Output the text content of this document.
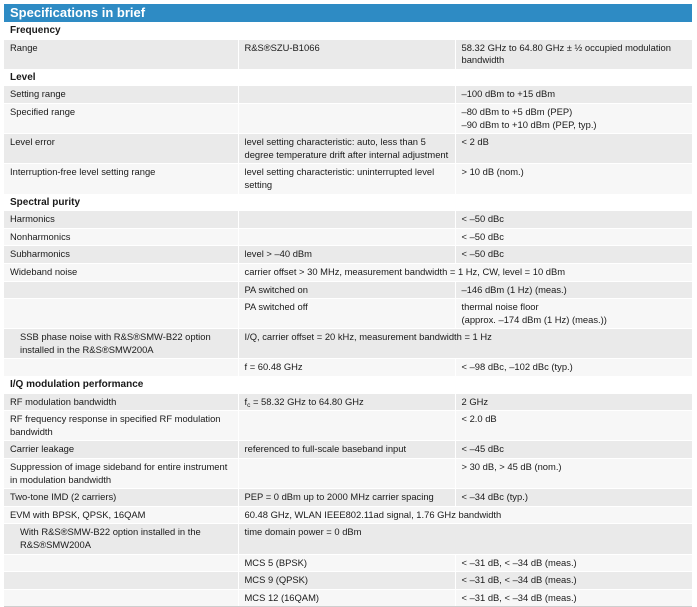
Specifications in brief
Frequency		
Range	R&S®SZU-B1066	58.32 GHz to 64.80 GHz ± ½ occupied modulation bandwidth
Level		
Setting range		–100 dBm to +15 dBm
Specified range		–80 dBm to +5 dBm (PEP)
–90 dBm to +10 dBm (PEP, typ.)
Level error	level setting characteristic: auto, less than 5 degree temperature drift after internal adjustment	< 2 dB
Interruption-free level setting range	level setting characteristic: uninterrupted level setting	> 10 dB (nom.)
Spectral purity		
Harmonics		< –50 dBc
Nonharmonics		< –50 dBc
Subharmonics	level > –40 dBm	< –50 dBc
Wideband noise	carrier offset > 30 MHz, measurement bandwidth = 1 Hz, CW, level = 10 dBm	
	PA switched on	–146 dBm (1 Hz) (meas.)
	PA switched off	thermal noise floor
(approx. –174 dBm (1 Hz) (meas.))
SSB phase noise with R&S®SMW-B22 option installed in the R&S®SMW200A	I/Q, carrier offset = 20 kHz, measurement bandwidth = 1 Hz	
	f = 60.48 GHz	< –98 dBc, –102 dBc (typ.)
I/Q modulation performance		
RF modulation bandwidth	$f_c = 58.32$ GHz to 64.80 GHz	2 GHz
RF frequency response in specified RF modulation bandwidth		< 2.0 dB
Carrier leakage	referenced to full-scale baseband input	< –45 dBc
Suppression of image sideband for entire instrument in modulation bandwidth		> 30 dB, > 45 dB (nom.)
Two-tone IMD (2 carriers)	PEP = 0 dBm up to 2000 MHz carrier spacing	< –34 dBc (typ.)
EVM with BPSK, QPSK, 16QAM	60.48 GHz, WLAN IEEE802.11ad signal, 1.76 GHz bandwidth	
With R&S®SMW-B22 option installed in the R&S®SMW200A	time domain power = 0 dBm	
	MCS 5 (BPSK)	< –31 dB, < –34 dB (meas.)
	MCS 9 (QPSK)	< –31 dB, < –34 dB (meas.)
	MCS 12 (16QAM)	< –31 dB, < –34 dB (meas.)
